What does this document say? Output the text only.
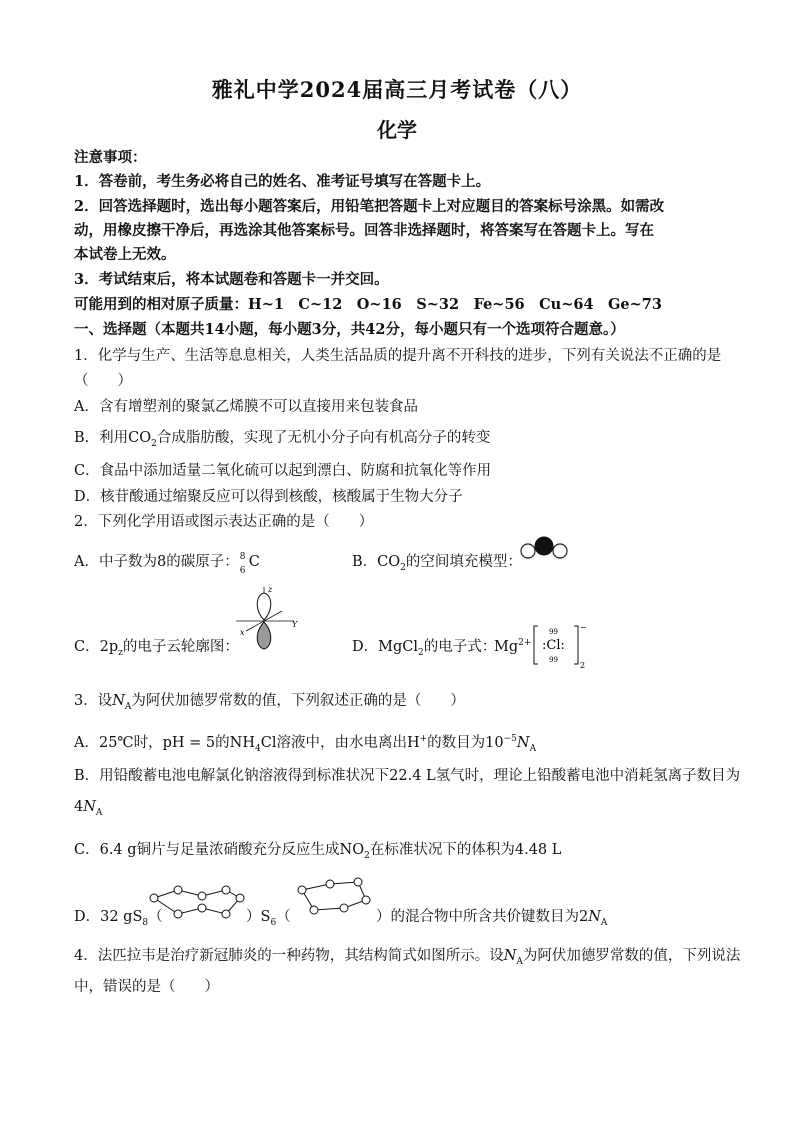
雅礼中学2024届高三月考试卷（八）
化学
注意事项：
1．答卷前，考生务必将自己的姓名、准考证号填写在答题卡上。
2．回答选择题时，选出每小题答案后，用铅笔把答题卡上对应题目的答案标号涂黑。如需改
动，用橡皮擦干净后，再选涂其他答案标号。回答非选择题时，将答案写在答题卡上。写在
本试卷上无效。
3．考试结束后，将本试题卷和答题卡一并交回。
可能用到的相对原子质量：H~1　C~12　O~16　S~32　Fe~56　Cu~64　Ge~73
一、选择题（本题共14小题，每小题3分，共42分，每小题只有一个选项符合题意。）
1．化学与生产、生活等息息相关，人类生活品质的提升离不开科技的进步，下列有关说法不正确的是
（　　）
A．含有增塑剂的聚氯乙烯膜不可以直接用来包装食品
B．利用$CO_2$合成脂肪酸，实现了无机小分子向有机高分子的转变
C．食品中添加适量二氧化硫可以起到漂白、防腐和抗氧化等作用
D．核苷酸通过缩聚反应可以得到核酸，核酸属于生物大分子
2．下列化学用语或图示表达正确的是（　　）
A．中子数为8的碳原子： 8
6
C	B．$CO_2$的空间填充模型：
C．$2p_z$的电子云轮廓图：
z
x
Y
D．MgCl$_2$的电子式：
$Mg^{2+}$
99
:Cl:
99
−
2
3．设$N_A$为阿伏加德罗常数的值，下列叙述正确的是（　　）
A．25℃时，pH = 5的$NH_4Cl$溶液中，由水电离出H+的数目为$10^{-5}N_A$
B．用铅酸蓄电池电解氯化钠溶液得到标准状况下22.4 L氢气时，理论上铅酸蓄电池中消耗氢离子数目为
$4N_A$
C．6.4 g铜片与足量浓硝酸充分反应生成$NO_2$在标准状况下的体积为4.48 L
D．32 $gS_8$（	）$S_6$（	）的混合物中所含共价键数目为$2N_A$
4．法匹拉韦是治疗新冠肺炎的一种药物，其结构简式如图所示。设$N_A$为阿伏加德罗常数的值，下列说法
中，错误的是（　　）
